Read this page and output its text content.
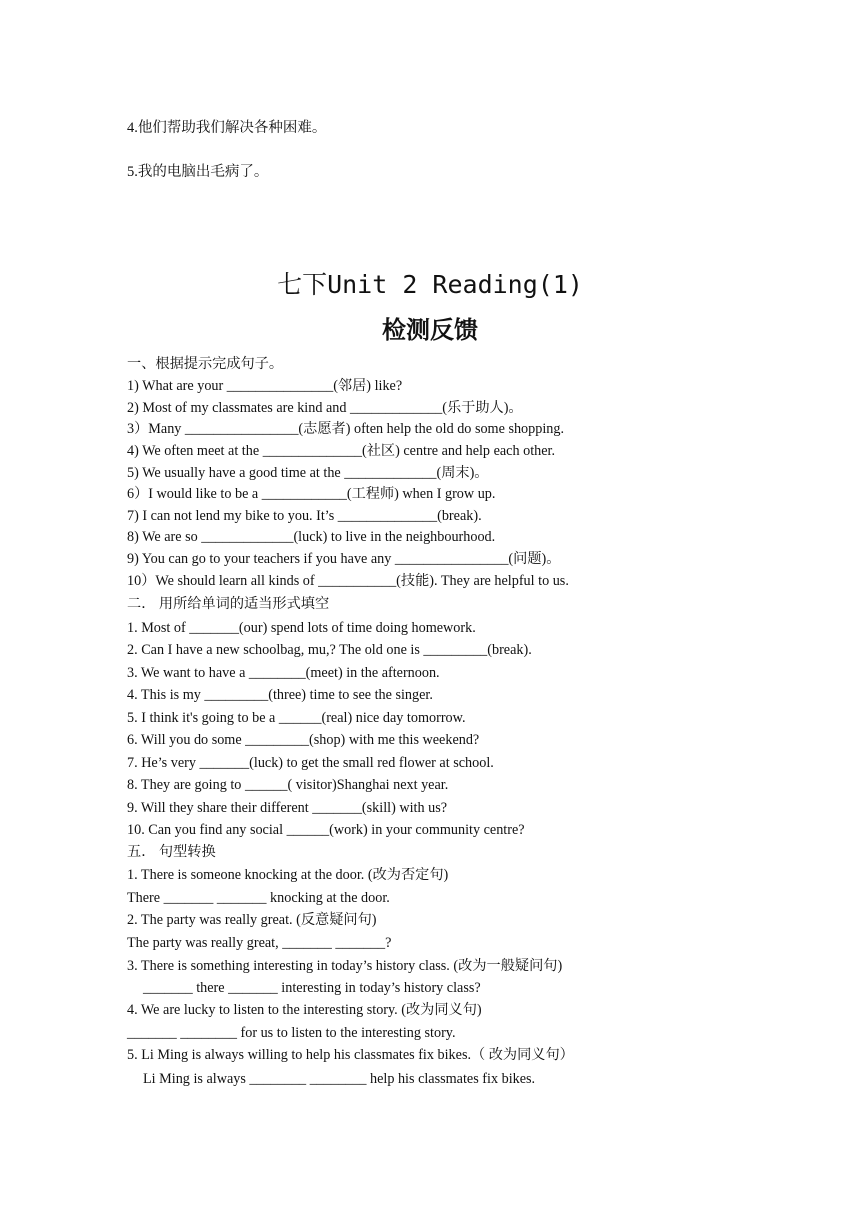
4.他们帮助我们解决各种困难。
5.我的电脑出毛病了。
七下Unit 2 Reading(1)
检测反馈
一、根据提示完成句子。
1) What are your _______________(邻居) like?
2) Most of my classmates are kind and _____________(乐于助人)。
3）Many ________________(志愿者) often help the old do some shopping.
4) We often meet at the ______________(社区) centre and help each other.
5) We usually have a good time at the _____________(周末)。
6）I would like to be a ____________(工程师) when I grow up.
7) I can not lend my bike to you. It’s ______________(break).
8) We are so _____________(luck) to live in the neighbourhood.
9) You can go to your teachers if you have any ________________(问题)。
10）We should learn all kinds of ___________(技能). They are helpful to us.
二． 用所给单词的适当形式填空
1. Most of _______(our) spend lots of time doing homework.
2. Can I have a new schoolbag, mu,? The old one is _________(break).
3. We want to have a ________(meet) in the afternoon.
4. This is my _________(three) time to see the singer.
5. I think it's going to be a ______(real) nice day tomorrow.
6. Will you do some _________(shop) with me this weekend?
7. He’s very _______(luck) to get the small red flower at school.
8. They are going to ______( visitor)Shanghai next year.
9. Will they share their different _______(skill) with us?
10. Can you find any social ______(work) in your community centre?
五． 句型转换
1. There is someone knocking at the door. (改为否定句)
There _______ _______ knocking at the door.
2. The party was really great. (反意疑问句)
The party was really great, _______ _______?
3. There is something interesting in today’s history class. (改为一般疑问句)
_______ there _______ interesting in today’s history class?
4. We are lucky to listen to the interesting story. (改为同义句)
_______ ________ for us to listen to the interesting story.
5. Li Ming is always willing to help his classmates fix bikes.（ 改为同义句）
Li Ming is always ________ ________ help his classmates fix bikes.
